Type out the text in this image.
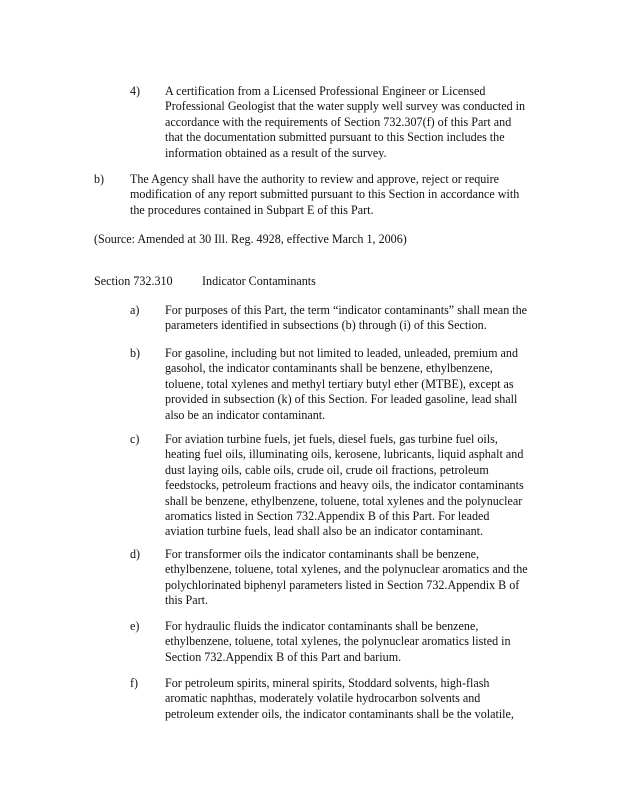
4) A certification from a Licensed Professional Engineer or Licensed
Professional Geologist that the water supply well survey was conducted in
accordance with the requirements of Section 732.307(f) of this Part and
that the documentation submitted pursuant to this Section includes the
information obtained as a result of the survey.
b) The Agency shall have the authority to review and approve, reject or require
modification of any report submitted pursuant to this Section in accordance with
the procedures contained in Subpart E of this Part.
(Source: Amended at 30 Ill. Reg. 4928, effective March 1, 2006)
Section 732.310 Indicator Contaminants
a) For purposes of this Part, the term “indicator contaminants” shall mean the
parameters identified in subsections (b) through (i) of this Section.
b) For gasoline, including but not limited to leaded, unleaded, premium and
gasohol, the indicator contaminants shall be benzene, ethylbenzene,
toluene, total xylenes and methyl tertiary butyl ether (MTBE), except as
provided in subsection (k) of this Section. For leaded gasoline, lead shall
also be an indicator contaminant.
c) For aviation turbine fuels, jet fuels, diesel fuels, gas turbine fuel oils,
heating fuel oils, illuminating oils, kerosene, lubricants, liquid asphalt and
dust laying oils, cable oils, crude oil, crude oil fractions, petroleum
feedstocks, petroleum fractions and heavy oils, the indicator contaminants
shall be benzene, ethylbenzene, toluene, total xylenes and the polynuclear
aromatics listed in Section 732.Appendix B of this Part. For leaded
aviation turbine fuels, lead shall also be an indicator contaminant.
d) For transformer oils the indicator contaminants shall be benzene,
ethylbenzene, toluene, total xylenes, and the polynuclear aromatics and the
polychlorinated biphenyl parameters listed in Section 732.Appendix B of
this Part.
e) For hydraulic fluids the indicator contaminants shall be benzene,
ethylbenzene, toluene, total xylenes, the polynuclear aromatics listed in
Section 732.Appendix B of this Part and barium.
f) For petroleum spirits, mineral spirits, Stoddard solvents, high-flash
aromatic naphthas, moderately volatile hydrocarbon solvents and
petroleum extender oils, the indicator contaminants shall be the volatile,
